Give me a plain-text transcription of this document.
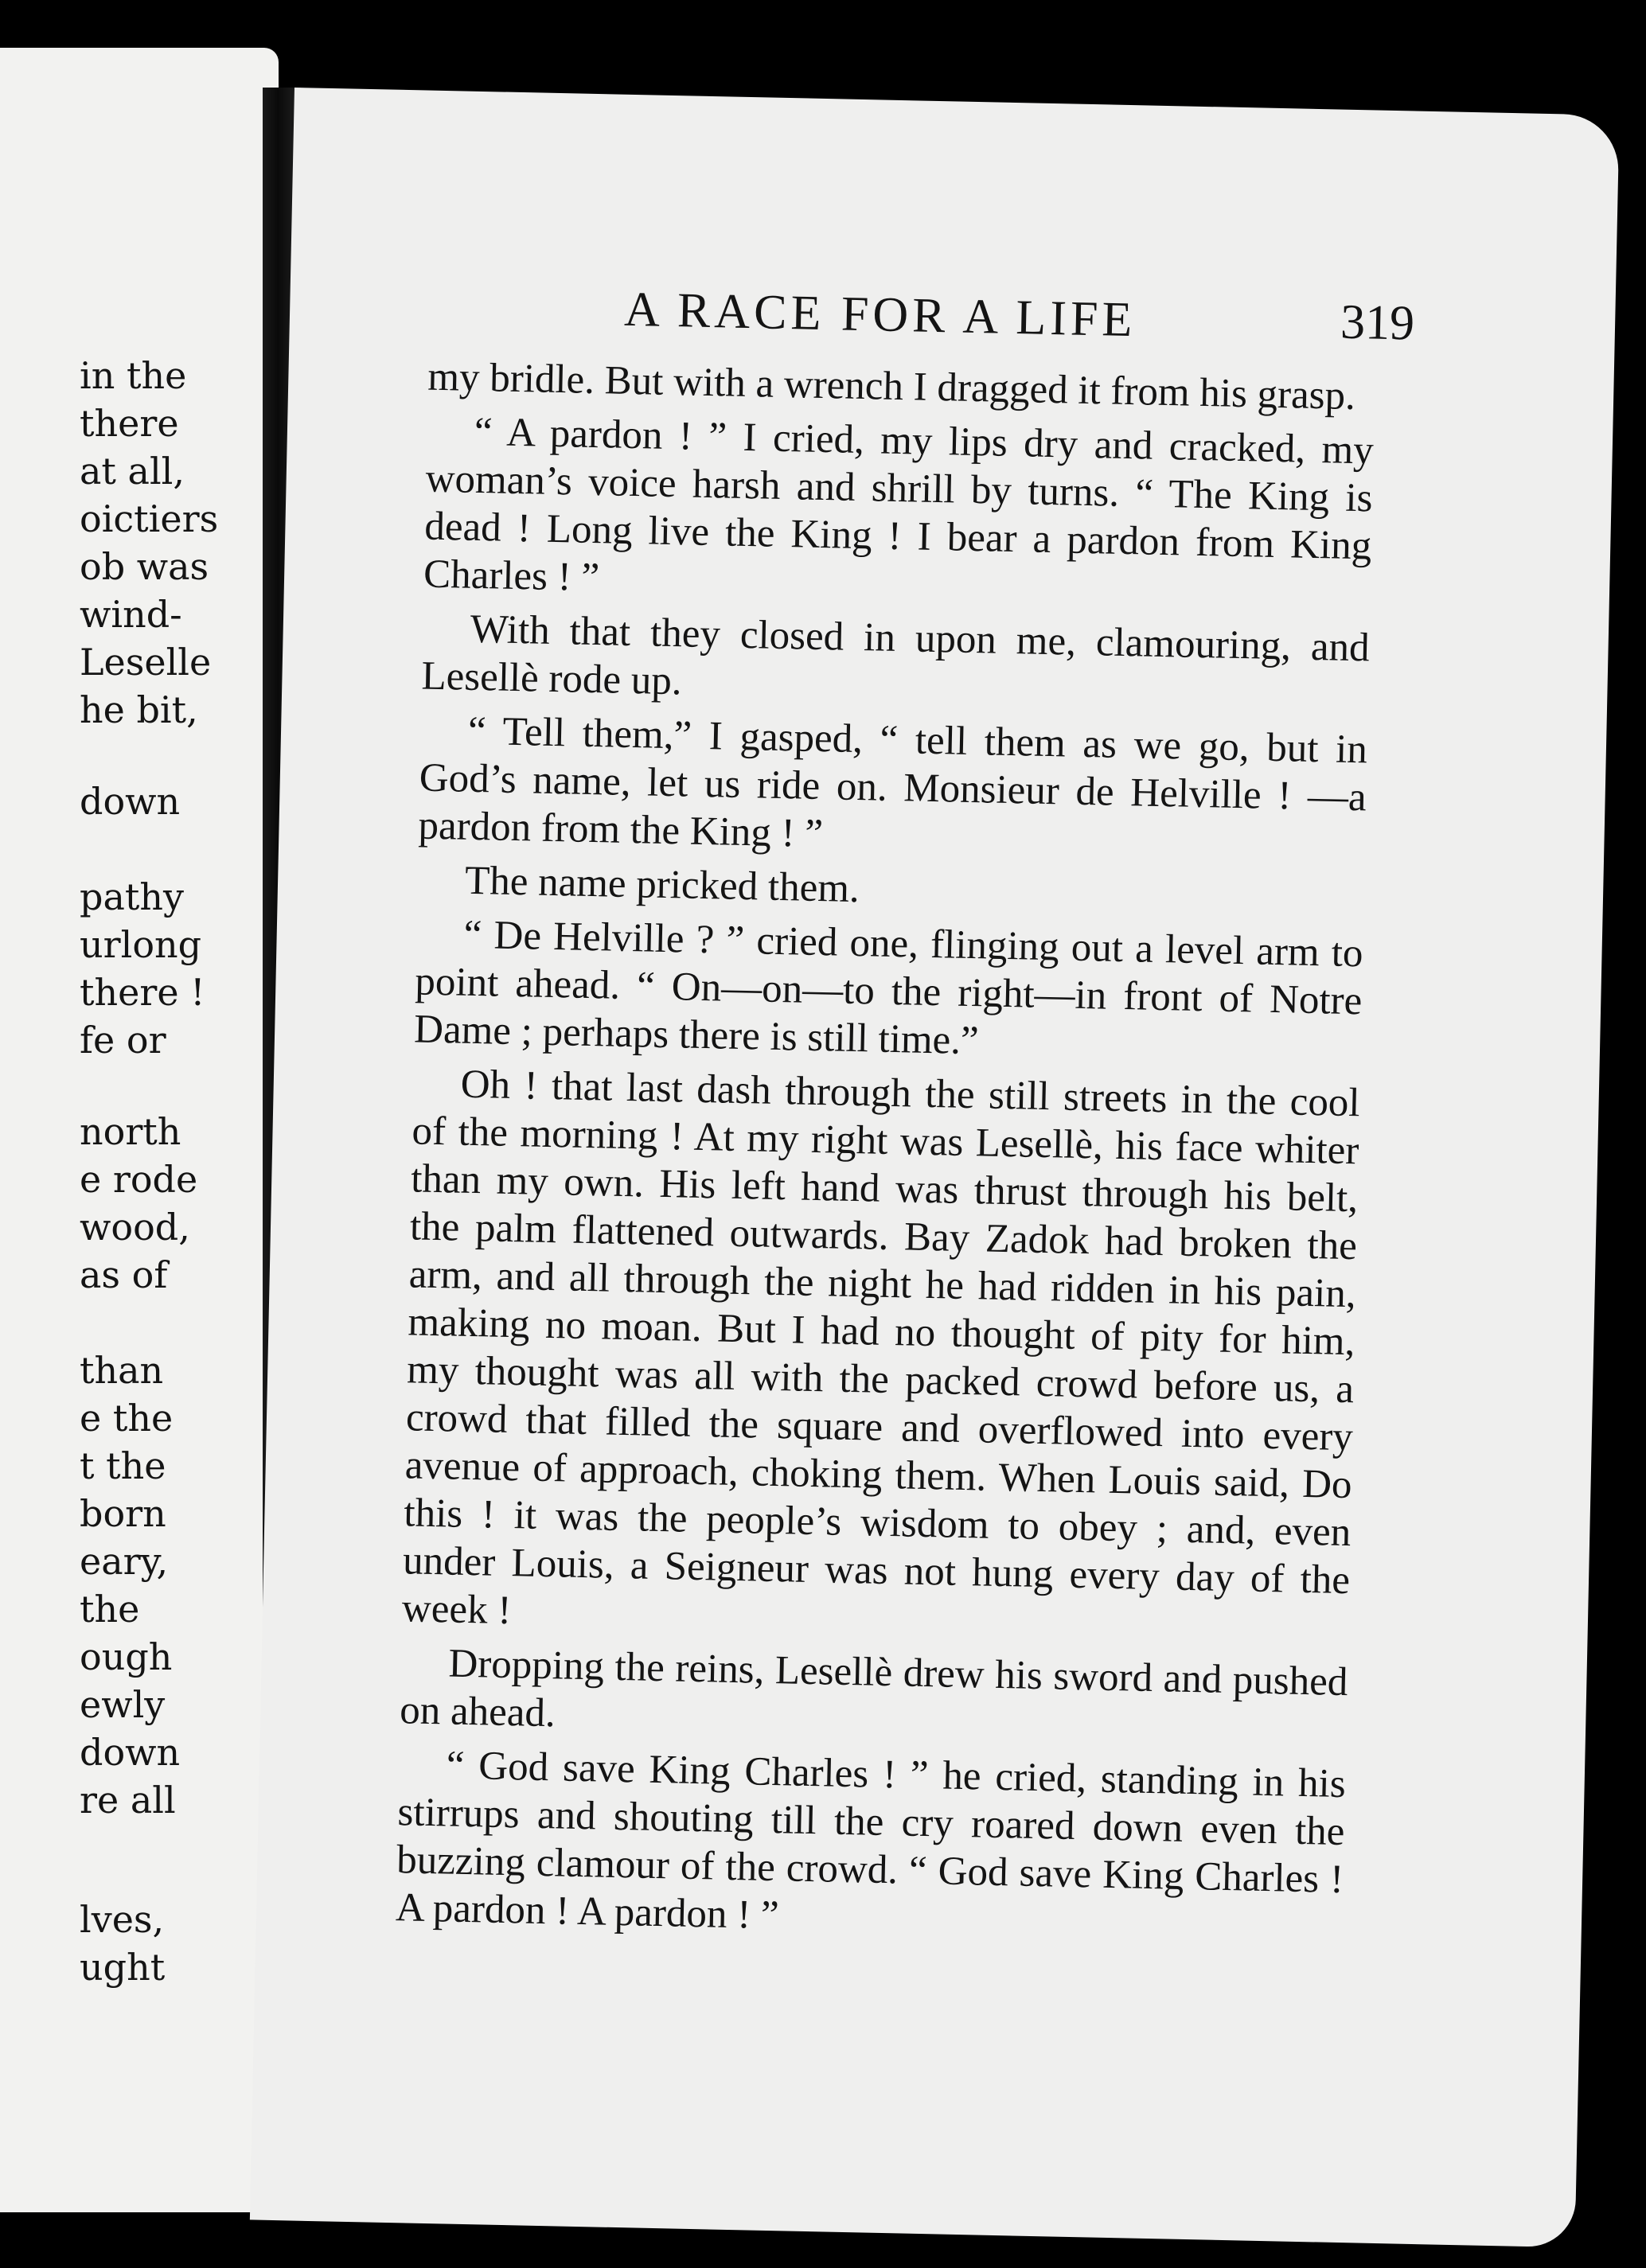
in the
there
at all,
oictiers
ob was
wind-
Leselle
he bit,
down
pathy
urlong
there !
fe or
north
e rode
wood,
as of
than
e the
t the
born
eary,
the
ough
ewly
down
re all
lves,
ught
A RACE FOR A LIFE	319

my bridle. But with a wrench I dragged it from his grasp.

“ A pardon ! ” I cried, my lips dry and cracked, my woman’s voice harsh and shrill by turns. “ The King is dead ! Long live the King ! I bear a pardon from King Charles ! ”

With that they closed in upon me, clamouring, and Lesellè rode up.

“ Tell them,” I gasped, “ tell them as we go, but in God’s name, let us ride on. Monsieur de Helville ! —a pardon from the King ! ”

The name pricked them.

“ De Helville ? ” cried one, flinging out a level arm to point ahead. “ On—on—to the right—in front of Notre Dame ; perhaps there is still time.”

Oh ! that last dash through the still streets in the cool of the morning ! At my right was Lesellè, his face whiter than my own. His left hand was thrust through his belt, the palm flattened outwards. Bay Zadok had broken the arm, and all through the night he had ridden in his pain, making no moan. But I had no thought of pity for him, my thought was all with the packed crowd before us, a crowd that filled the square and overflowed into every avenue of approach, choking them. When Louis said, Do this ! it was the people’s wisdom to obey ; and, even under Louis, a Seigneur was not hung every day of the week !

Dropping the reins, Lesellè drew his sword and pushed on ahead.

“ God save King Charles ! ” he cried, standing in his stirrups and shouting till the cry roared down even the buzzing clamour of the crowd. “ God save King Charles ! A pardon ! A pardon ! ”
